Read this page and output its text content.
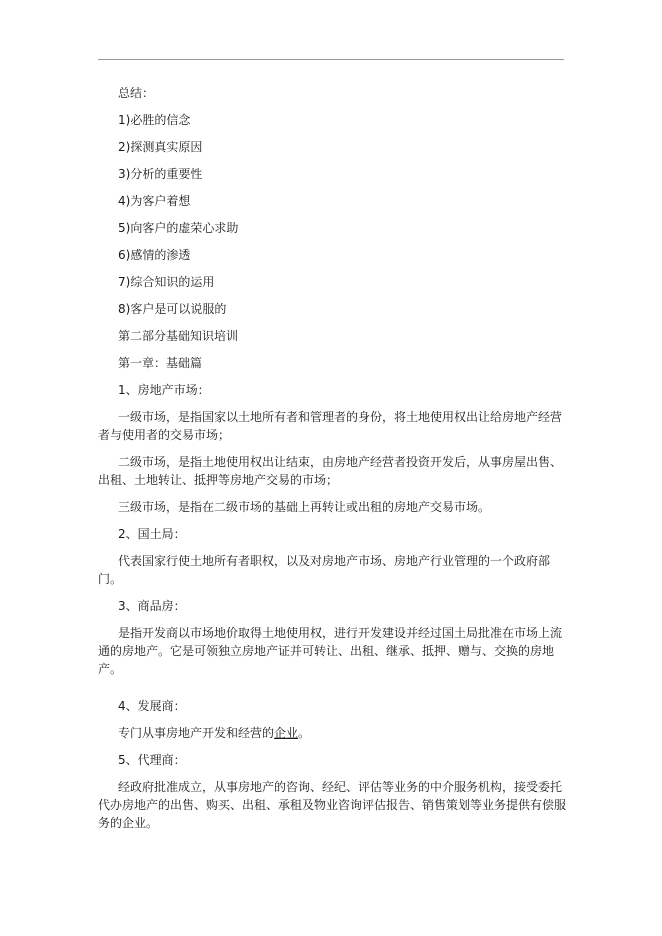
总结：

1)必胜的信念

2)探测真实原因

3)分析的重要性

4)为客户着想

5)向客户的虚荣心求助

6)感情的渗透

7)综合知识的运用

8)客户是可以说服的

第二部分基础知识培训

第一章：基础篇

1、房地产市场：

一级市场，是指国家以土地所有者和管理者的身份，将土地使用权出让给房地产经营者与使用者的交易市场；

二级市场，是指土地使用权出让结束，由房地产经营者投资开发后，从事房屋出售、出租、土地转让、抵押等房地产交易的市场；

三级市场，是指在二级市场的基础上再转让或出租的房地产交易市场。

2、国土局：

代表国家行使土地所有者职权，以及对房地产市场、房地产行业管理的一个政府部门。

3、商品房：

是指开发商以市场地价取得土地使用权，进行开发建设并经过国土局批准在市场上流通的房地产。它是可领独立房地产证并可转让、出租、继承、抵押、赠与、交换的房地产。

4、发展商：

专门从事房地产开发和经营的企业。

5、代理商：

经政府批准成立，从事房地产的咨询、经纪、评估等业务的中介服务机构，接受委托代办房地产的出售、购买、出租、承租及物业咨询评估报告、销售策划等业务提供有偿服务的企业。
